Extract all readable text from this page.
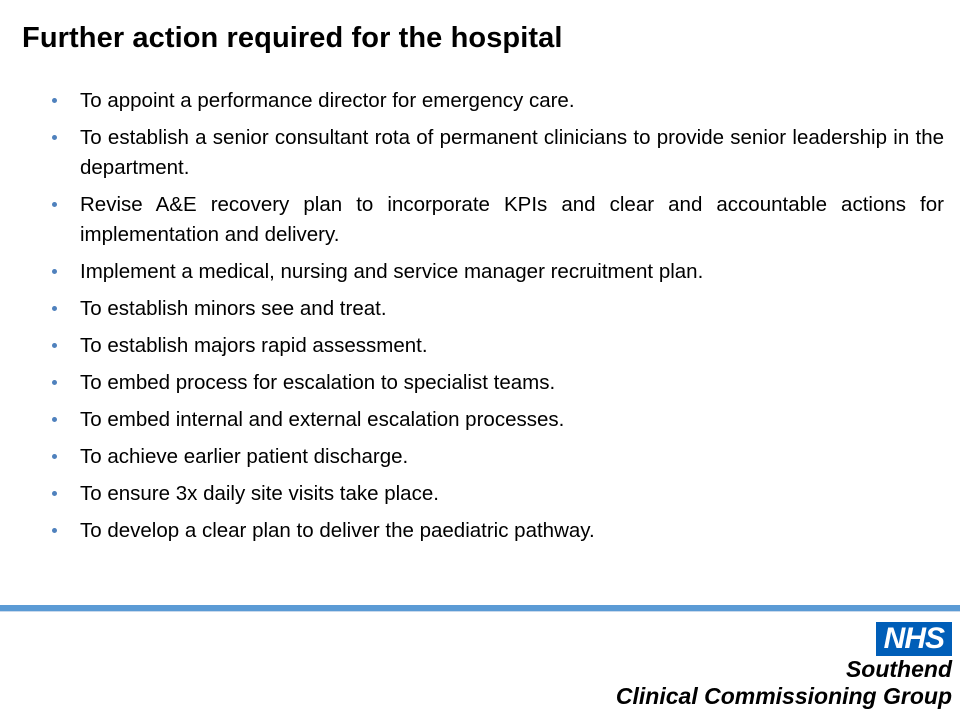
Further action required for the hospital
To appoint a performance director for emergency care.
To establish a senior consultant rota of permanent clinicians to provide senior leadership in the department.
Revise A&E recovery plan to incorporate KPIs and clear and accountable actions for implementation and delivery.
Implement a medical, nursing and service manager recruitment plan.
To establish minors see and treat.
To establish majors rapid assessment.
To embed process for escalation to specialist teams.
To embed internal and external escalation processes.
To achieve earlier patient discharge.
To ensure 3x daily site visits take place.
To develop a clear plan to deliver the paediatric pathway.
NHS

Southend
Clinical Commissioning Group
